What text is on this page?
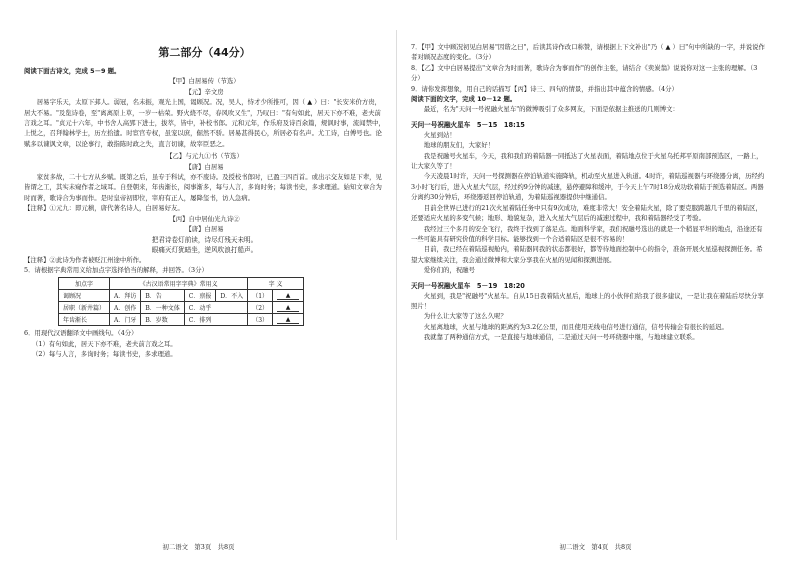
第二部分（44分）

阅读下面古诗文，完成 5－9 题。

【甲】白居易传（节选）

【元】辛文房

居易字乐天，太原下邽人。弱冠，名未振，观光上国，谒顾况。况，吴人，恃才少所推可，因（ ▲ ）曰："长安米价方贵，居大不易。"及览诗卷，至"离离原上草，一岁一枯荣。野火烧不尽，春风吹又生"，乃叹曰："有句如此，居天下亦不难，老夫前言戏之耳。"贞元十六年，中书舍人高郢下进士，拔萃，皆中，补校书郎。元和元年，作乐府及诗百余篇，规讽时事，流闻禁中，上悦之，召拜翰林学士，历左拾遗。时宦官专权，虽宠以庶，倔然不骄。居易甚得民心，所居必有名声。尤工诗，白傅号也。论赋多以谏讽文章，以论事行，敢指陈时政之失，直言切谏，故宰臣恶之。

【乙】与元九①书（节选）

【唐】白居易

家贫多故，二十七方从乡赋。既第之后，虽专于科试，亦不废诗。及授校书郎时，已盈三四百首。或出示交友如足下辈，见皆谓之工，其实未窥作者之域耳。自登朝来，年齿渐长，阅事渐多，每与人言，多询时务；每读书史，多求理道。始知文章合为时而著，歌诗合为事而作。是时皇帝初即位，宰府有正人，屡降玺书，访人急病。

【注释】①元九：即元稹，唐代著名诗人，白居易好友。

【丙】自中居仙光九诗②

【唐】白居易

把君诗卷灯前读，诗尽灯残天未明。

眼痛灭灯犹暗坐，逆风吹浪打船声。

【注释】②此诗为作者被贬江州途中所作。

5．请根据字典常用义给加点字选择恰当的解释，并回答。（3分）

加点字	《古汉语常用字字典》常用义				字 义	
谒顾况	A．拜访	B．告	C．禀报	D．不入	（1）	▲
居职（新井篇）	A．创作	B．一种文体	C．动乎		（2）	▲
年齿渐长	A．门牙	B．岁数	C．排列		（3）	▲

6．用现代汉语翻译文中画线句。（4分）

（1）有句如此，居天下亦不难，老夫前言戏之耳。

（2）每与人言，多询时务；每读书史，多求理道。

初二语文　第3页　共8页

7．【甲】文中顾况初见白居易"因谐之曰"，后读其诗作改口称赞，请根据上下文补出"乃（ ▲ ）曰"句中所缺的一字，并说说作者对顾况态度的变化。（3分）

8．【乙】文中白居易提出"文章合为时而著，歌诗合为事而作"的创作主张，请结合《卖炭翁》说说你对这一主张的理解。（3分）

9．请你发挥想象，用自己的话描写【丙】诗三、四句的情景，并指出其中蕴含的情感。（4分）

阅读下面的文字，完成 10－12 题。

最近，名为"天问一号祝融火星车"的微博吸引了众多网友，下面是依据主推送的几则博文：

天问一号祝融火星车　5－15　18:15

火星到站！

地球的朋友们，大家好！

我是祝融号火星车，今天，我和我们的着陆器一同抵达了火星表面，着陆地点位于火星乌托邦平原南部预选区，一路上，让大家久等了！

今天凌晨1时许，天问一号探测器在停泊轨道实施降轨，机动至火星进入轨道。4时许，着陆巡视器与环绕器分离，历经约3小时飞行后，进入火星大气层，经过约9分钟的减速，悬停避障和缓冲，于今天上午7时18分成功软着陆于预选着陆区。两器分离约30分钟后，环绕器返回停泊轨道，为着陆巡视器提供中继通信。

目前全世界已进行的21次火星着陆任务中只有9次成功，难度非常大！安全着陆火星，除了要克服跨越几千里的着陆区，还要适应火星的多变气候；地形、地貌复杂，进入火星大气层后的减速过程中，我和着陆器经受了考验。

我经过三个多月的安全飞行，我终于找到了落足点。地面科学家，我们祝融号选出的就是一个稍显平坦的地点，沿途还有一些可能具有研究价值的科学目标。能够找到一个合适着陆区是很不容易的！

目前，我已经在着陆巡视舱内，着陆器同我的状态都很好，都等待地面控制中心的指令，准备开展火星巡视探测任务。希望大家继续关注，我会通过微博和大家分享我在火星的见闻和探测进展。

爱你们的，祝融号

天问一号祝融火星车　5－19　18:20

火星到，我是"祝融号"火星车。自从15日我着陆火星后，地球上的小伙伴们给我了很多建议，一是让我在着陆后尽快分享照片！

为什么让大家等了这么久呢？

火星离地球，火星与地球的距离约为3.2亿公里，而且使用无线电信号进行通信，信号传输会有很长的延迟。

我就靠了两种通信方式，一是直接与地球通信，二是通过天问一号环绕器中继，与地球建立联系。

初二语文　第4页　共8页
